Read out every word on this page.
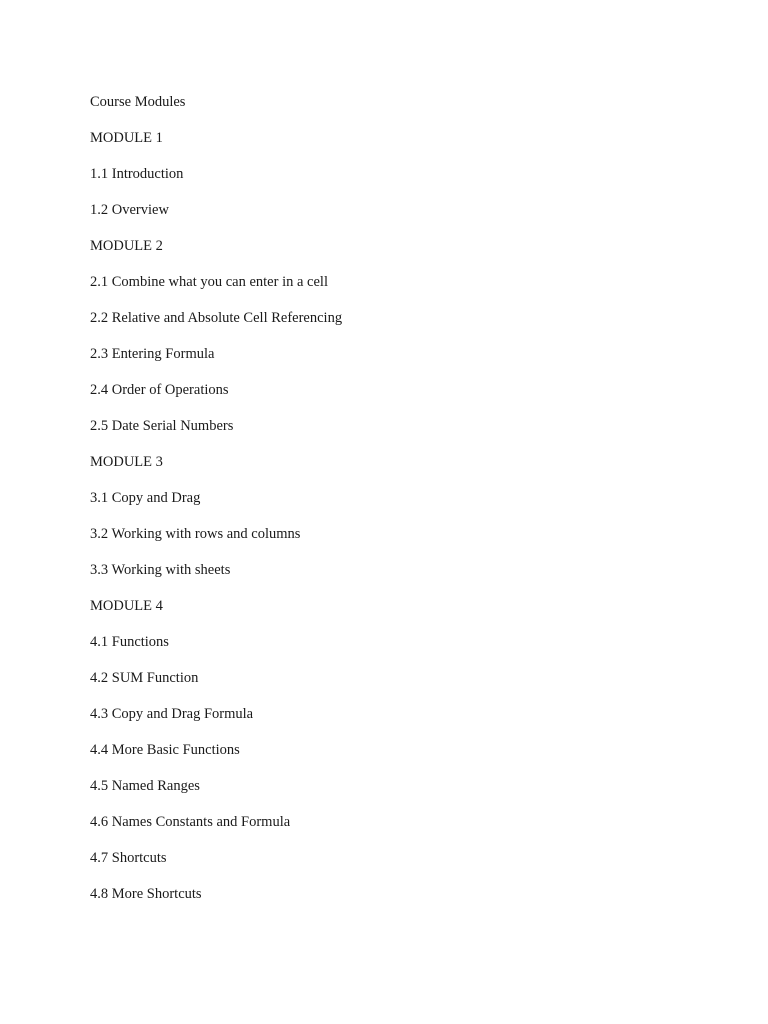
Course Modules
MODULE 1
1.1 Introduction
1.2 Overview
MODULE 2
2.1 Combine what you can enter in a cell
2.2 Relative and Absolute Cell Referencing
2.3 Entering Formula
2.4 Order of Operations
2.5 Date Serial Numbers
MODULE 3
3.1 Copy and Drag
3.2 Working with rows and columns
3.3 Working with sheets
MODULE 4
4.1 Functions
4.2 SUM Function
4.3 Copy and Drag Formula
4.4 More Basic Functions
4.5 Named Ranges
4.6 Names Constants and Formula
4.7 Shortcuts
4.8 More Shortcuts
